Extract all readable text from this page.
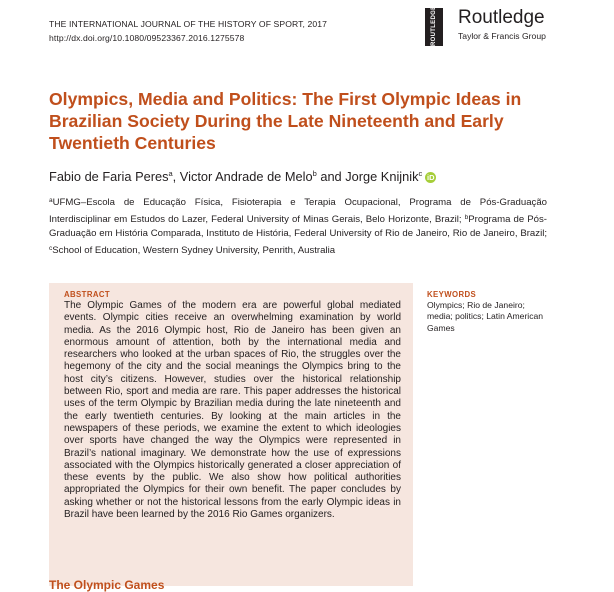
THE INTERNATIONAL JOURNAL OF THE HISTORY OF SPORT, 2017
http://dx.doi.org/10.1080/09523367.2016.1275578	ROUTLEDGE	Routledge
Taylor & Francis Group
Olympics, Media and Politics: The First Olympic Ideas in Brazilian Society During the Late Nineteenth and Early Twentieth Centuries
Fabio de Faria Peres$^a$, Victor Andrade de Melo$^b$ and Jorge Knijnik$^c$ iD
$^a$UFMG–Escola de Educação Física, Fisioterapia e Terapia Ocupacional, Programa de Pós-Graduação Interdisciplinar em Estudos do Lazer, Federal University of Minas Gerais, Belo Horizonte, Brazil; $^b$Programa de Pós-Graduação em História Comparada, Instituto de História, Federal University of Rio de Janeiro, Rio de Janeiro, Brazil; $^c$School of Education, Western Sydney University, Penrith, Australia
ABSTRACT
The Olympic Games of the modern era are powerful global mediated events. Olympic cities receive an overwhelming examination by world media. As the 2016 Olympic host, Rio de Janeiro has been given an enormous amount of attention, both by the international media and researchers who looked at the urban spaces of Rio, the struggles over the hegemony of the city and the social meanings the Olympics bring to the host city’s citizens. However, studies over the historical relationship between Rio, sport and media are rare. This paper addresses the historical uses of the term Olympic by Brazilian media during the late nineteenth and the early twentieth centuries. By looking at the main articles in the newspapers of these periods, we examine the extent to which ideologies over sports have changed the way the Olympics were represented in Brazil’s national imaginary. We demonstrate how the use of expressions associated with the Olympics historically generated a closer appreciation of these events by the public. We also show how political authorities appropriated the Olympics for their own benefit. The paper concludes by asking whether or not the historical lessons from the early Olympic ideas in Brazil have been learned by the 2016 Rio Games organizers.
KEYWORDS
Olympics; Rio de Janeiro; media; politics; Latin American Games
The Olympic Games
